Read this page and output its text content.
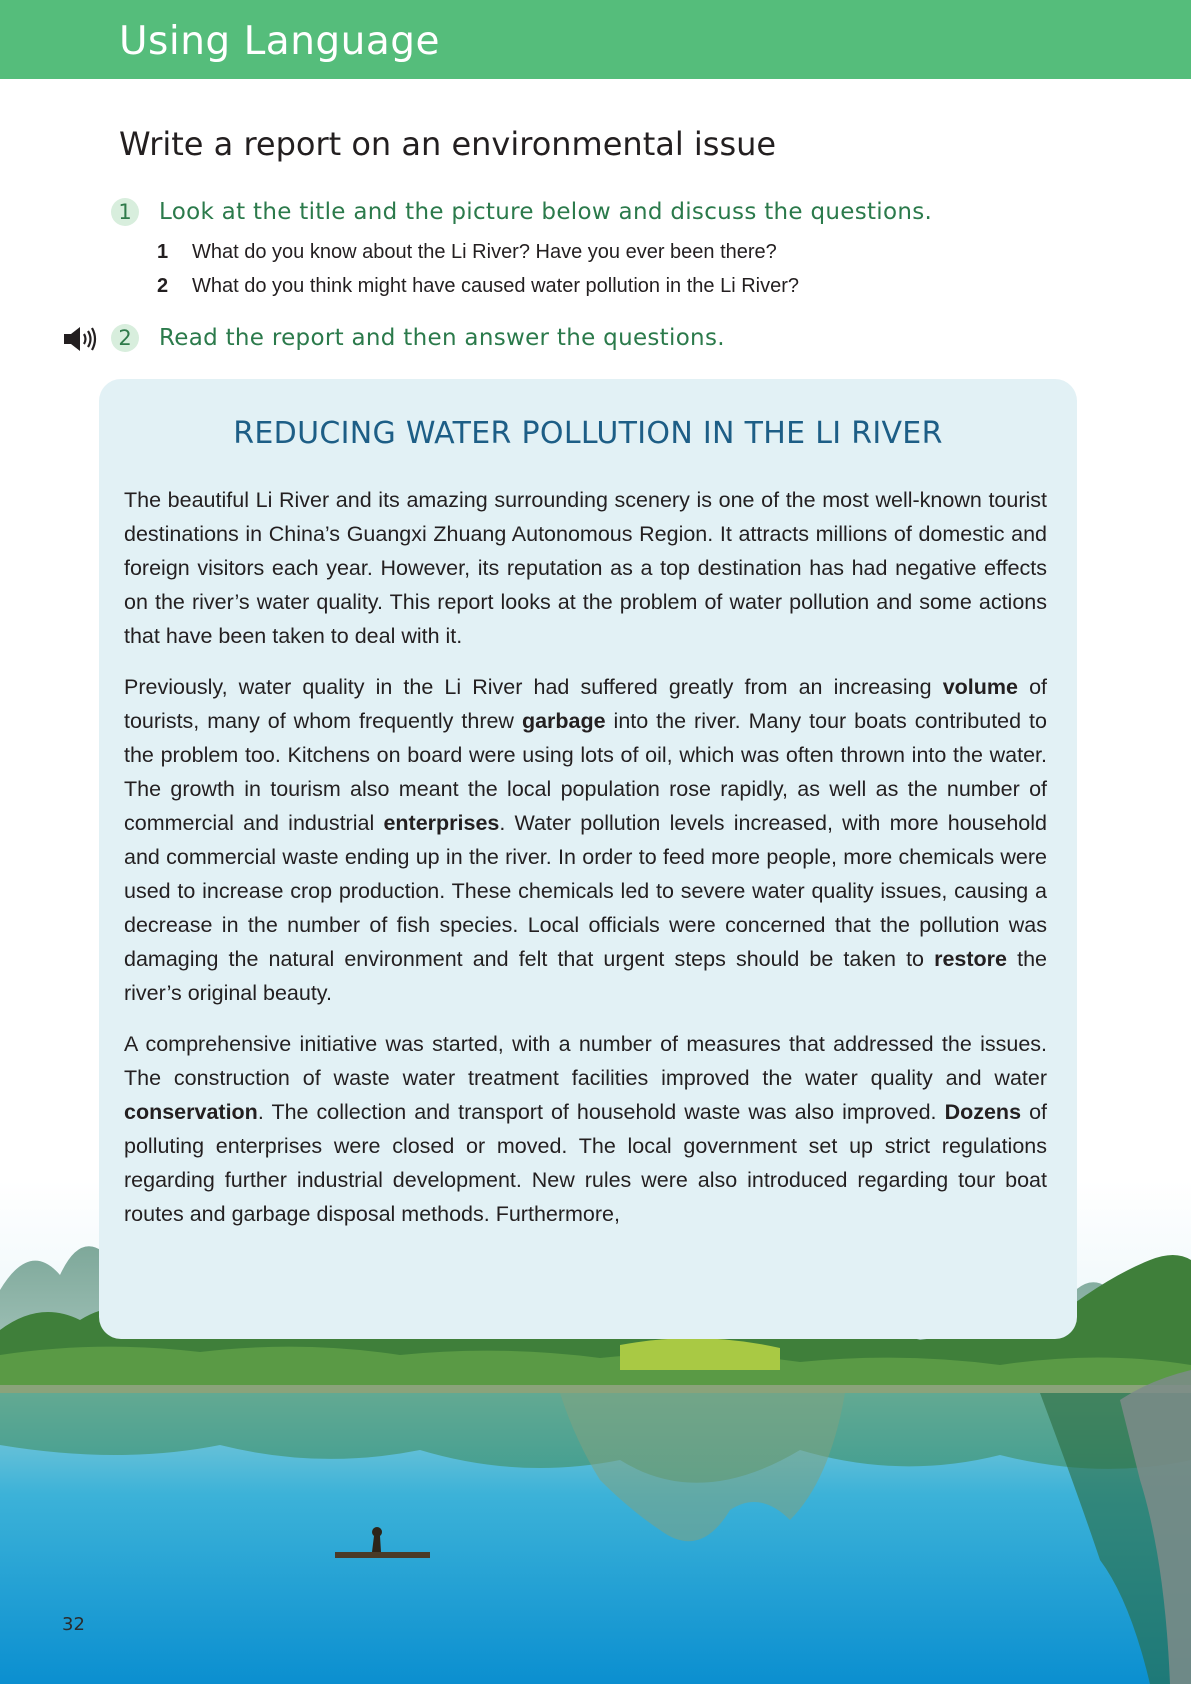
Using Language
Write a report on an environmental issue
1	Look at the title and the picture below and discuss the questions.
1 What do you know about the Li River? Have you ever been there?
2 What do you think might have caused water pollution in the Li River?
2	Read the report and then answer the questions.
REDUCING WATER POLLUTION IN THE LI RIVER

The beautiful Li River and its amazing surrounding scenery is one of the most well-known tourist destinations in China’s Guangxi Zhuang Autonomous Region. It attracts millions of domestic and foreign visitors each year. However, its reputation as a top destination has had negative effects on the river’s water quality. This report looks at the problem of water pollution and some actions that have been taken to deal with it.

Previously, water quality in the Li River had suffered greatly from an increasing volume of tourists, many of whom frequently threw garbage into the river. Many tour boats contributed to the problem too. Kitchens on board were using lots of oil, which was often thrown into the water. The growth in tourism also meant the local population rose rapidly, as well as the number of commercial and industrial enterprises. Water pollution levels increased, with more household and commercial waste ending up in the river. In order to feed more people, more chemicals were used to increase crop production. These chemicals led to severe water quality issues, causing a decrease in the number of fish species. Local officials were concerned that the pollution was damaging the natural environment and felt that urgent steps should be taken to restore the river’s original beauty.

A comprehensive initiative was started, with a number of measures that addressed the issues. The construction of waste water treatment facilities improved the water quality and water conservation. The collection and transport of household waste was also improved. Dozens of polluting enterprises were closed or moved. The local government set up strict regulations regarding further industrial development. New rules were also introduced regarding tour boat routes and garbage disposal methods. Furthermore,

32
